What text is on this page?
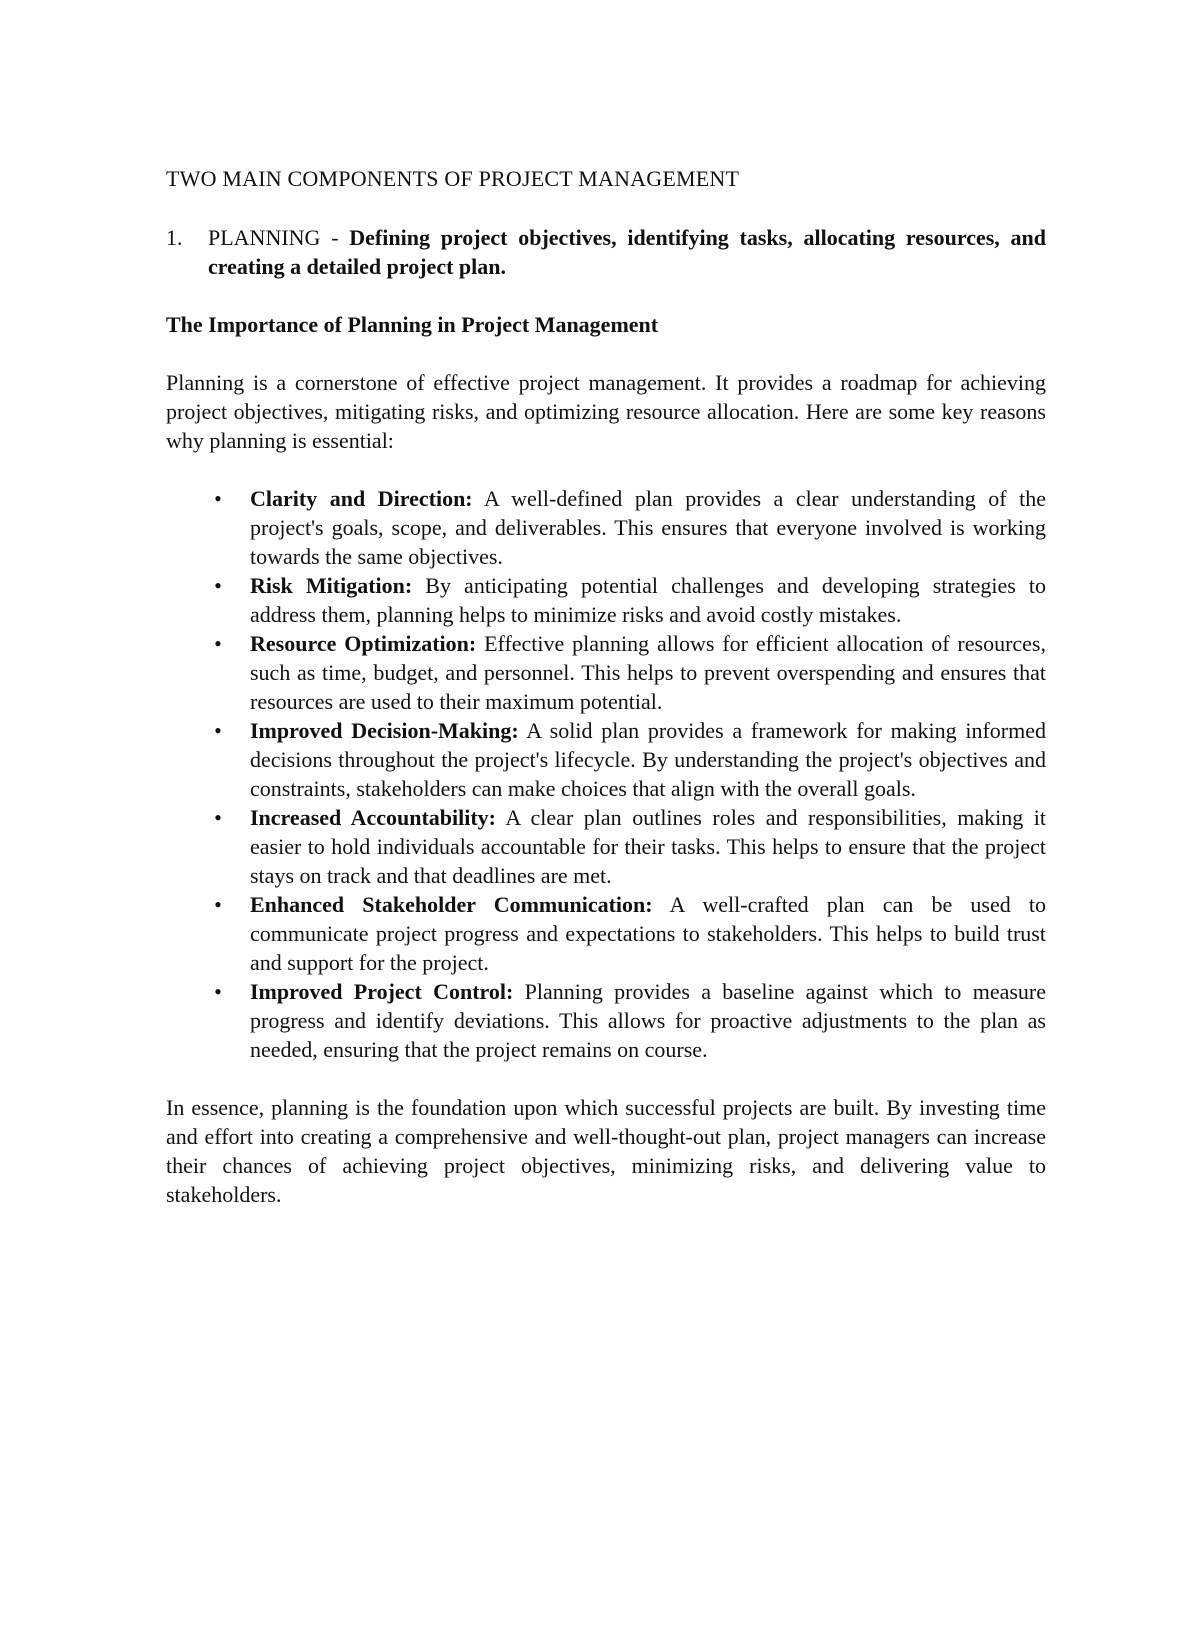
TWO MAIN COMPONENTS OF PROJECT MANAGEMENT
1.	PLANNING - Defining project objectives, identifying tasks, allocating resources, and creating a detailed project plan.
The Importance of Planning in Project Management

Planning is a cornerstone of effective project management. It provides a roadmap for achieving project objectives, mitigating risks, and optimizing resource allocation. Here are some key reasons why planning is essential:

• Clarity and Direction: A well-defined plan provides a clear understanding of the project's goals, scope, and deliverables. This ensures that everyone involved is working towards the same objectives.
• Risk Mitigation: By anticipating potential challenges and developing strategies to address them, planning helps to minimize risks and avoid costly mistakes.
• Resource Optimization: Effective planning allows for efficient allocation of resources, such as time, budget, and personnel. This helps to prevent overspending and ensures that resources are used to their maximum potential.
• Improved Decision-Making: A solid plan provides a framework for making informed decisions throughout the project's lifecycle. By understanding the project's objectives and constraints, stakeholders can make choices that align with the overall goals.
• Increased Accountability: A clear plan outlines roles and responsibilities, making it easier to hold individuals accountable for their tasks. This helps to ensure that the project stays on track and that deadlines are met.
• Enhanced Stakeholder Communication: A well-crafted plan can be used to communicate project progress and expectations to stakeholders. This helps to build trust and support for the project.
• Improved Project Control: Planning provides a baseline against which to measure progress and identify deviations. This allows for proactive adjustments to the plan as needed, ensuring that the project remains on course.

In essence, planning is the foundation upon which successful projects are built. By investing time and effort into creating a comprehensive and well-thought-out plan, project managers can increase their chances of achieving project objectives, minimizing risks, and delivering value to stakeholders.
